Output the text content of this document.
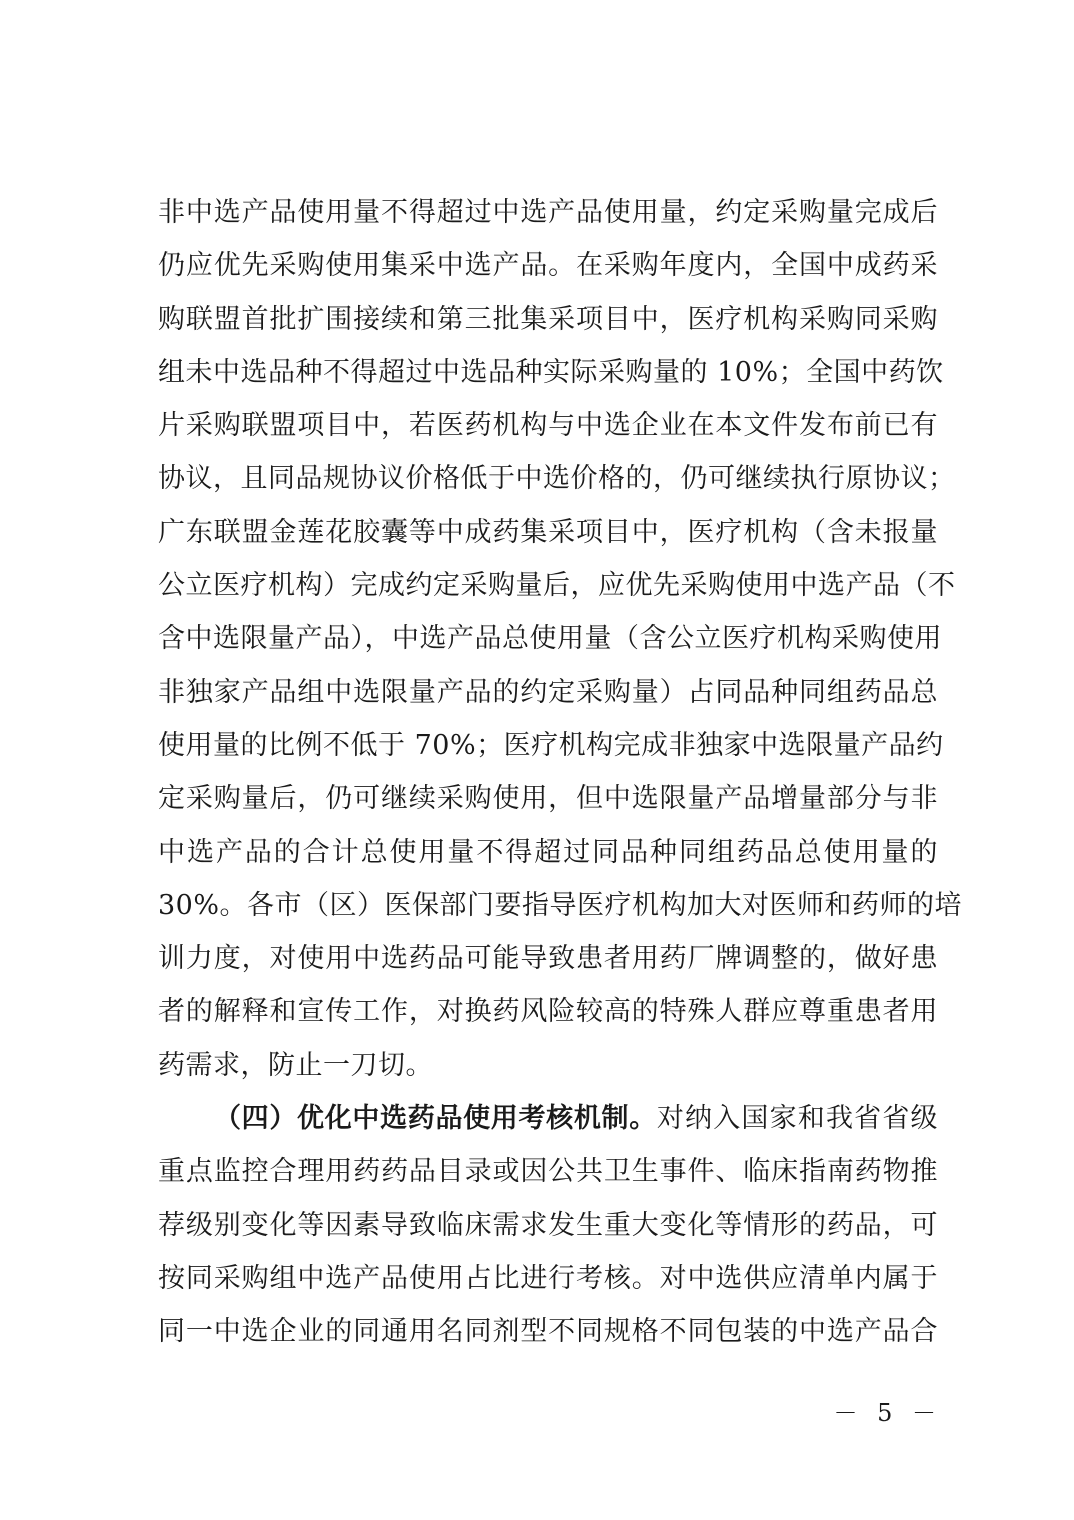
非中选产品使用量不得超过中选产品使用量，约定采购量完成后
仍应优先采购使用集采中选产品。在采购年度内，全国中成药采
购联盟首批扩围接续和第三批集采项目中，医疗机构采购同采购
组未中选品种不得超过中选品种实际采购量的 10%；全国中药饮
片采购联盟项目中，若医药机构与中选企业在本文件发布前已有
协议，且同品规协议价格低于中选价格的，仍可继续执行原协议；
广东联盟金莲花胶囊等中成药集采项目中，医疗机构（含未报量
公立医疗机构）完成约定采购量后，应优先采购使用中选产品（不
含中选限量产品），中选产品总使用量（含公立医疗机构采购使用
非独家产品组中选限量产品的约定采购量）占同品种同组药品总
使用量的比例不低于 70%；医疗机构完成非独家中选限量产品约
定采购量后，仍可继续采购使用，但中选限量产品增量部分与非
中选产品的合计总使用量不得超过同品种同组药品总使用量的
30%。各市（区）医保部门要指导医疗机构加大对医师和药师的培
训力度，对使用中选药品可能导致患者用药厂牌调整的，做好患
者的解释和宣传工作，对换药风险较高的特殊人群应尊重患者用
药需求，防止一刀切。
（四）优化中选药品使用考核机制。对纳入国家和我省省级
重点监控合理用药药品目录或因公共卫生事件、临床指南药物推
荐级别变化等因素导致临床需求发生重大变化等情形的药品，可
按同采购组中选产品使用占比进行考核。对中选供应清单内属于
同一中选企业的同通用名同剂型不同规格不同包装的中选产品合
－ 5 －
